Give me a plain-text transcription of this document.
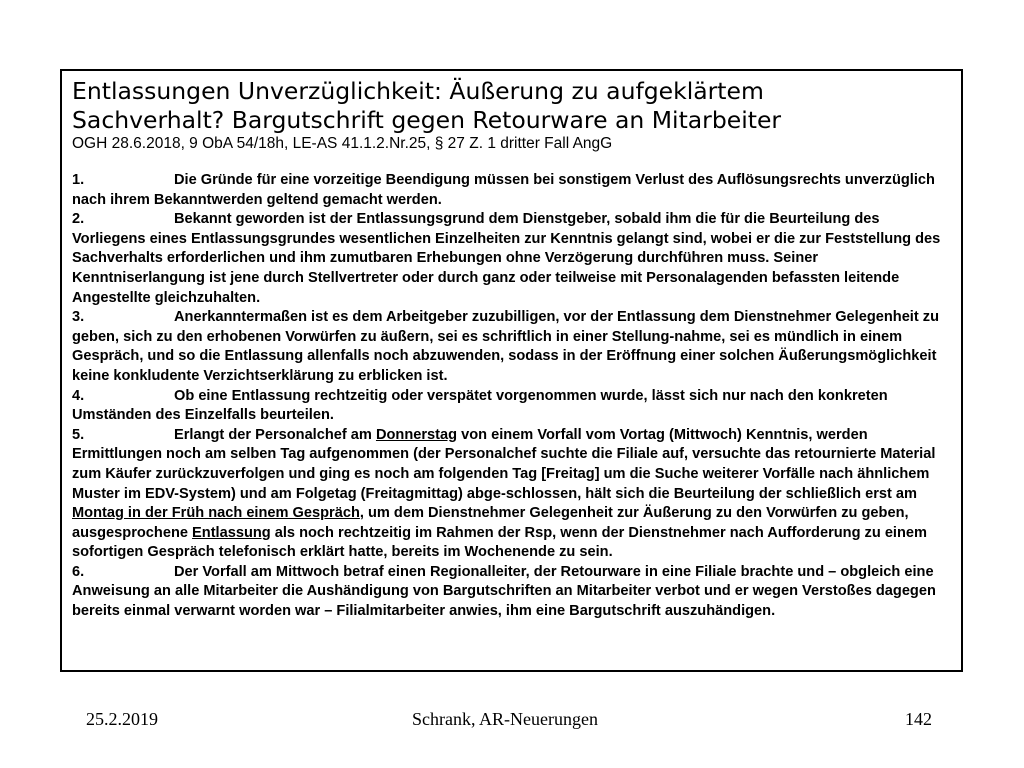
Entlassungen Unverzüglichkeit: Äußerung zu aufgeklärtem
Sachverhalt? Bargutschrift gegen Retourware an Mitarbeiter
OGH 28.6.2018, 9 ObA 54/18h, LE-AS 41.1.2.Nr.25, § 27 Z. 1 dritter Fall AngG

1.	Die Gründe für eine vorzeitige Beendigung müssen bei sonstigem Verlust des Auflösungsrechts unverzüglich nach ihrem Bekanntwerden geltend gemacht werden.

2.	Bekannt geworden ist der Entlassungsgrund dem Dienstgeber, sobald ihm die für die Beurteilung des Vorliegens eines Entlassungsgrundes wesentlichen Einzelheiten zur Kenntnis gelangt sind, wobei er die zur Feststellung des Sachverhalts erforderlichen und ihm zumutbaren Erhebungen ohne Verzögerung durchführen muss. Seiner Kenntniserlangung ist jene durch Stellvertreter oder durch ganz oder teilweise mit Personalagenden befassten leitende Angestellte gleichzuhalten.

3.	Anerkanntermaßen ist es dem Arbeitgeber zuzubilligen, vor der Entlassung dem Dienstnehmer Gelegenheit zu geben, sich zu den erhobenen Vorwürfen zu äußern, sei es schriftlich in einer Stellung-nahme, sei es mündlich in einem Gespräch, und so die Entlassung allenfalls noch abzuwenden, sodass in der Eröffnung einer solchen Äußerungsmöglichkeit keine konkludente Verzichtserklärung zu erblicken ist.

4.	Ob eine Entlassung rechtzeitig oder verspätet vorgenommen wurde, lässt sich nur nach den konkreten Umständen des Einzelfalls beurteilen.

5.	Erlangt der Personalchef am Donnerstag von einem Vorfall vom Vortag (Mittwoch) Kenntnis, werden Ermittlungen noch am selben Tag aufgenommen (der Personalchef suchte die Filiale auf, versuchte das retournierte Material zum Käufer zurückzuverfolgen und ging es noch am folgenden Tag [Freitag] um die Suche weiterer Vorfälle nach ähnlichem Muster im EDV-System) und am Folgetag (Freitagmittag) abge-schlossen, hält sich die Beurteilung der schließlich erst am Montag in der Früh nach einem Gespräch, um dem Dienstnehmer Gelegenheit zur Äußerung zu den Vorwürfen zu geben, ausgesprochene Entlassung als noch rechtzeitig im Rahmen der Rsp, wenn der Dienstnehmer nach Aufforderung zu einem sofortigen Gespräch telefonisch erklärt hatte, bereits im Wochenende zu sein.

6.	Der Vorfall am Mittwoch betraf einen Regionalleiter, der Retourware in eine Filiale brachte und – obgleich eine Anweisung an alle Mitarbeiter die Aushändigung von Bargutschriften an Mitarbeiter verbot und er wegen Verstoßes dagegen bereits einmal verwarnt worden war – Filialmitarbeiter anwies, ihm eine Bargutschrift auszuhändigen.

25.2.2019	Schrank, AR-Neuerungen	142
